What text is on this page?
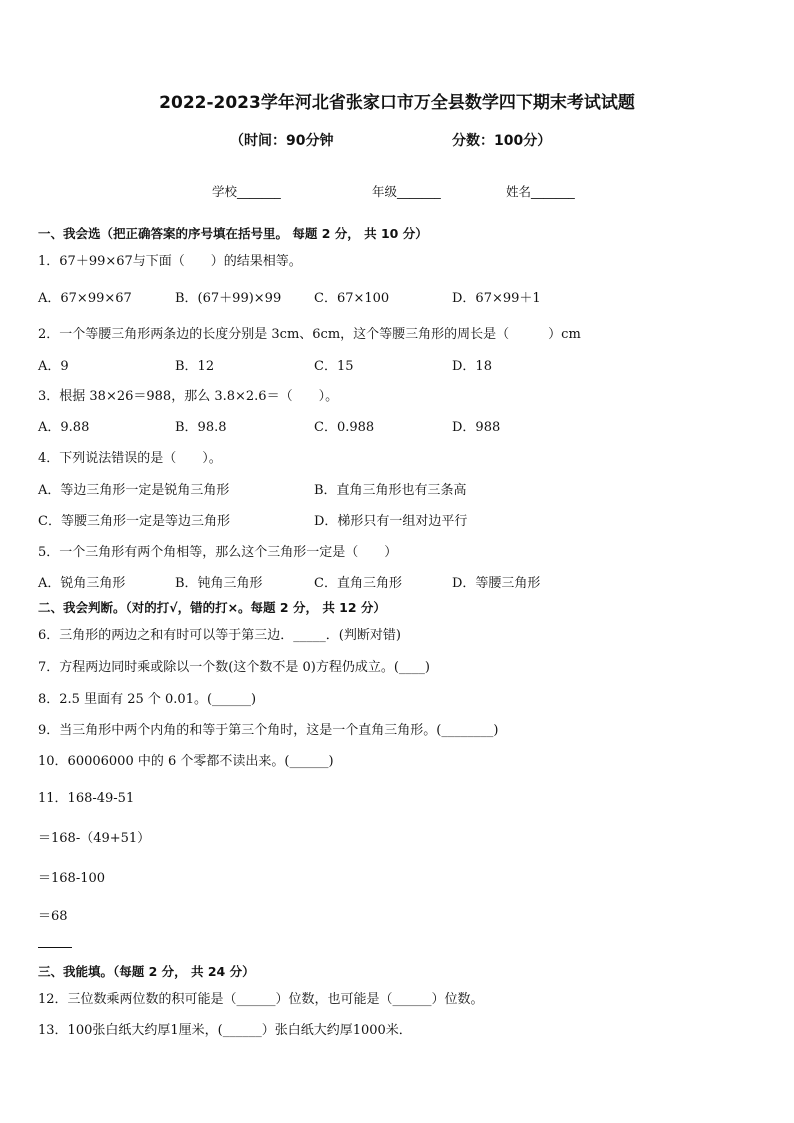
2022-2023学年河北省张家口市万全县数学四下期末考试试题
（时间：90分钟	分数：100分）
学校_______	年级_______	姓名_______
一、我会选（把正确答案的序号填在括号里。 每题 2 分， 共 10 分）
1．67＋99×67与下面（　　）的结果相等。
A．67×99×67	B．(67＋99)×99	C．67×100	D．67×99＋1
2．一个等腰三角形两条边的长度分别是 3cm、6cm，这个等腰三角形的周长是（　　　）cm
A．9	B．12	C．15	D．18
3．根据 38×26＝988，那么 3.8×2.6＝（　　）。
A．9.88	B．98.8	C．0.988	D．988
4．下列说法错误的是（　　）。
A．等边三角形一定是锐角三角形	B．直角三角形也有三条高
C．等腰三角形一定是等边三角形	D．梯形只有一组对边平行
5．一个三角形有两个角相等，那么这个三角形一定是（　　）
A．锐角三角形	B．钝角三角形	C．直角三角形	D．等腰三角形
二、我会判断。（对的打√，错的打×。每题 2 分， 共 12 分）
6．三角形的两边之和有时可以等于第三边．_____．(判断对错)
7．方程两边同时乘或除以一个数(这个数不是 0)方程仍成立。(____)
8．2.5 里面有 25 个 0.01。(______)
9．当三角形中两个内角的和等于第三个角时，这是一个直角三角形。(________)
10．60006000 中的 6 个零都不读出来。(______)
11．168-49-51
＝168-（49+51）
＝168-100
＝68
三、我能填。（每题 2 分， 共 24 分）
12．三位数乘两位数的积可能是（______）位数，也可能是（______）位数。
13．100张白纸大约厚1厘米，(______）张白纸大约厚1000米．
